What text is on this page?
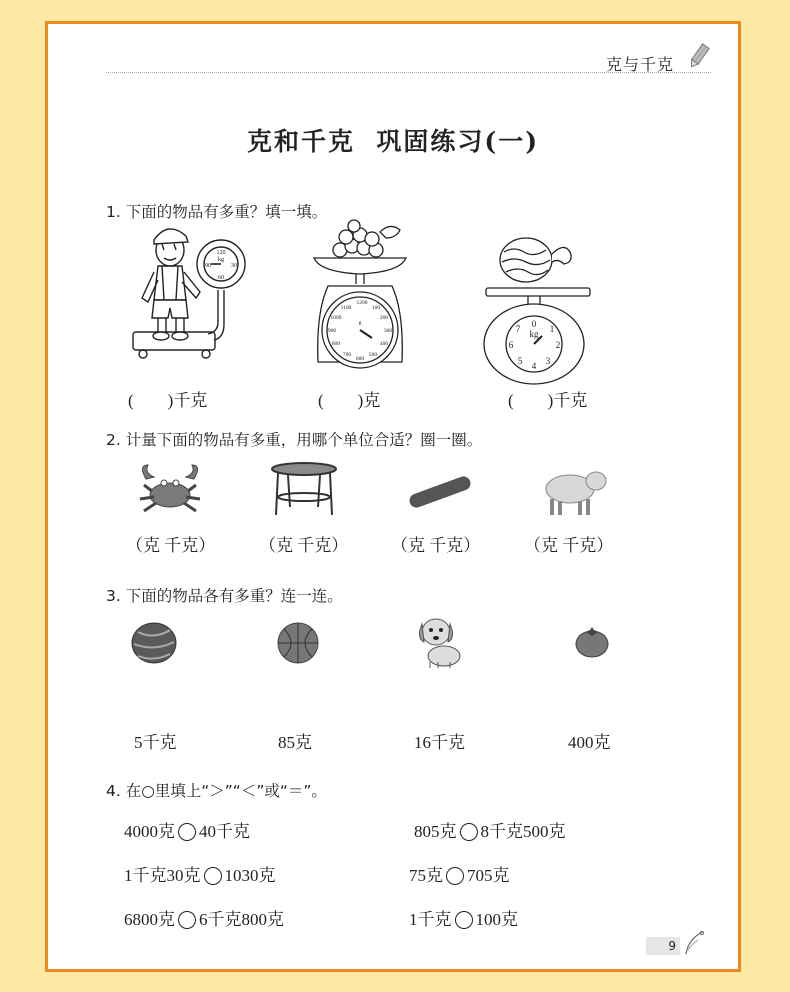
克与千克
克和千克  巩固练习(一)
1. 下面的物品有多重？填一填。
120
kg
90	30
60
1200
100
1100
200
1000
g
300
900
400
800
700	500
600
0
kg 1
2
3
4
5
6
7
(        )千克	(        )克	(        )千克
2. 计量下面的物品有多重，用哪个单位合适？圈一圈。
（克 千克）	（克 千克）	（克 千克）	（克 千克）
3. 下面的物品各有多重？连一连。
5千克	85克	16千克	400克
4. 在○里填上“＞”“＜”或“＝”。
4000克 40千克	805克 8千克500克
1千克30克 1030克	75克 705克
6800克 6千克800克	1千克 100克
9
